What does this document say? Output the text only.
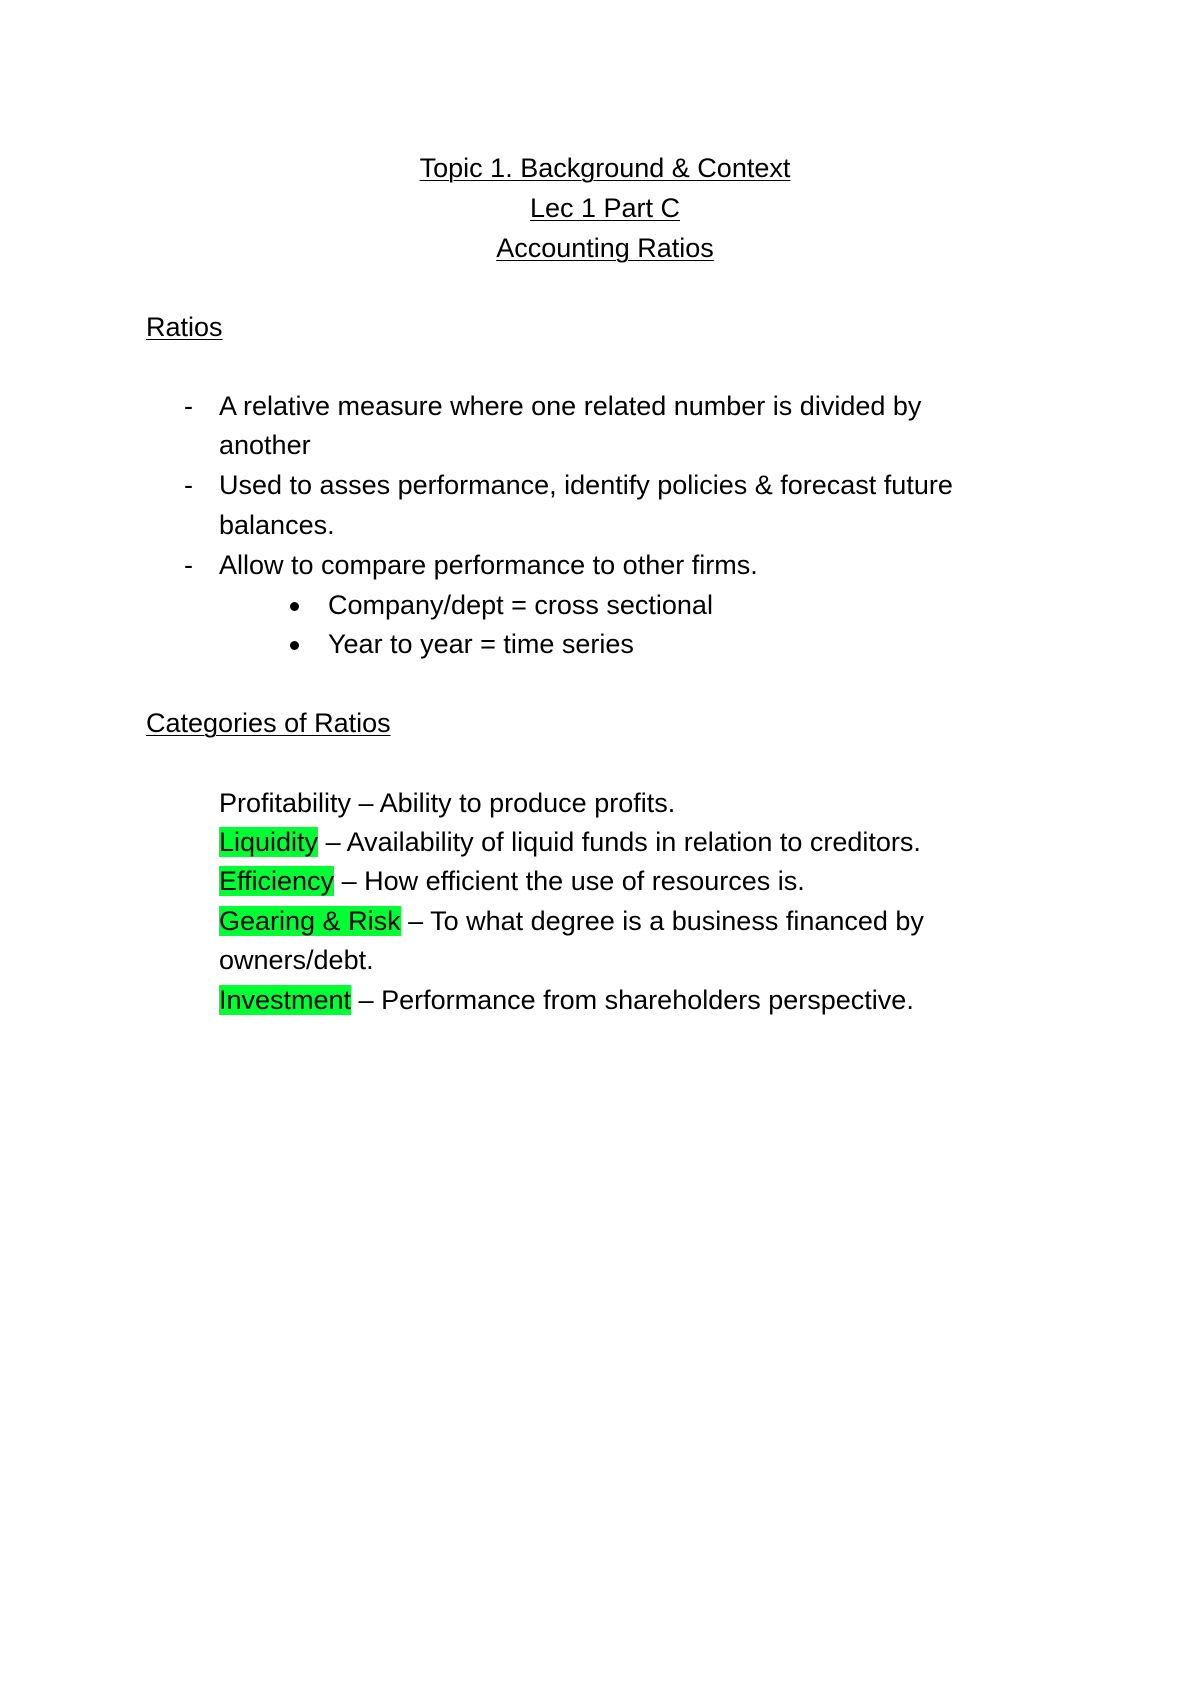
Topic 1. Background & Context
Lec 1 Part C
Accounting Ratios
Ratios
- A relative measure where one related number is divided by
another
- Used to asses performance, identify policies & forecast future
balances.
- Allow to compare performance to other firms.
Company/dept = cross sectional
Year to year = time series
Categories of Ratios
Profitability – Ability to produce profits.
Liquidity – Availability of liquid funds in relation to creditors.
Efficiency – How efficient the use of resources is.
Gearing & Risk – To what degree is a business financed by
owners/debt.
Investment – Performance from shareholders perspective.
